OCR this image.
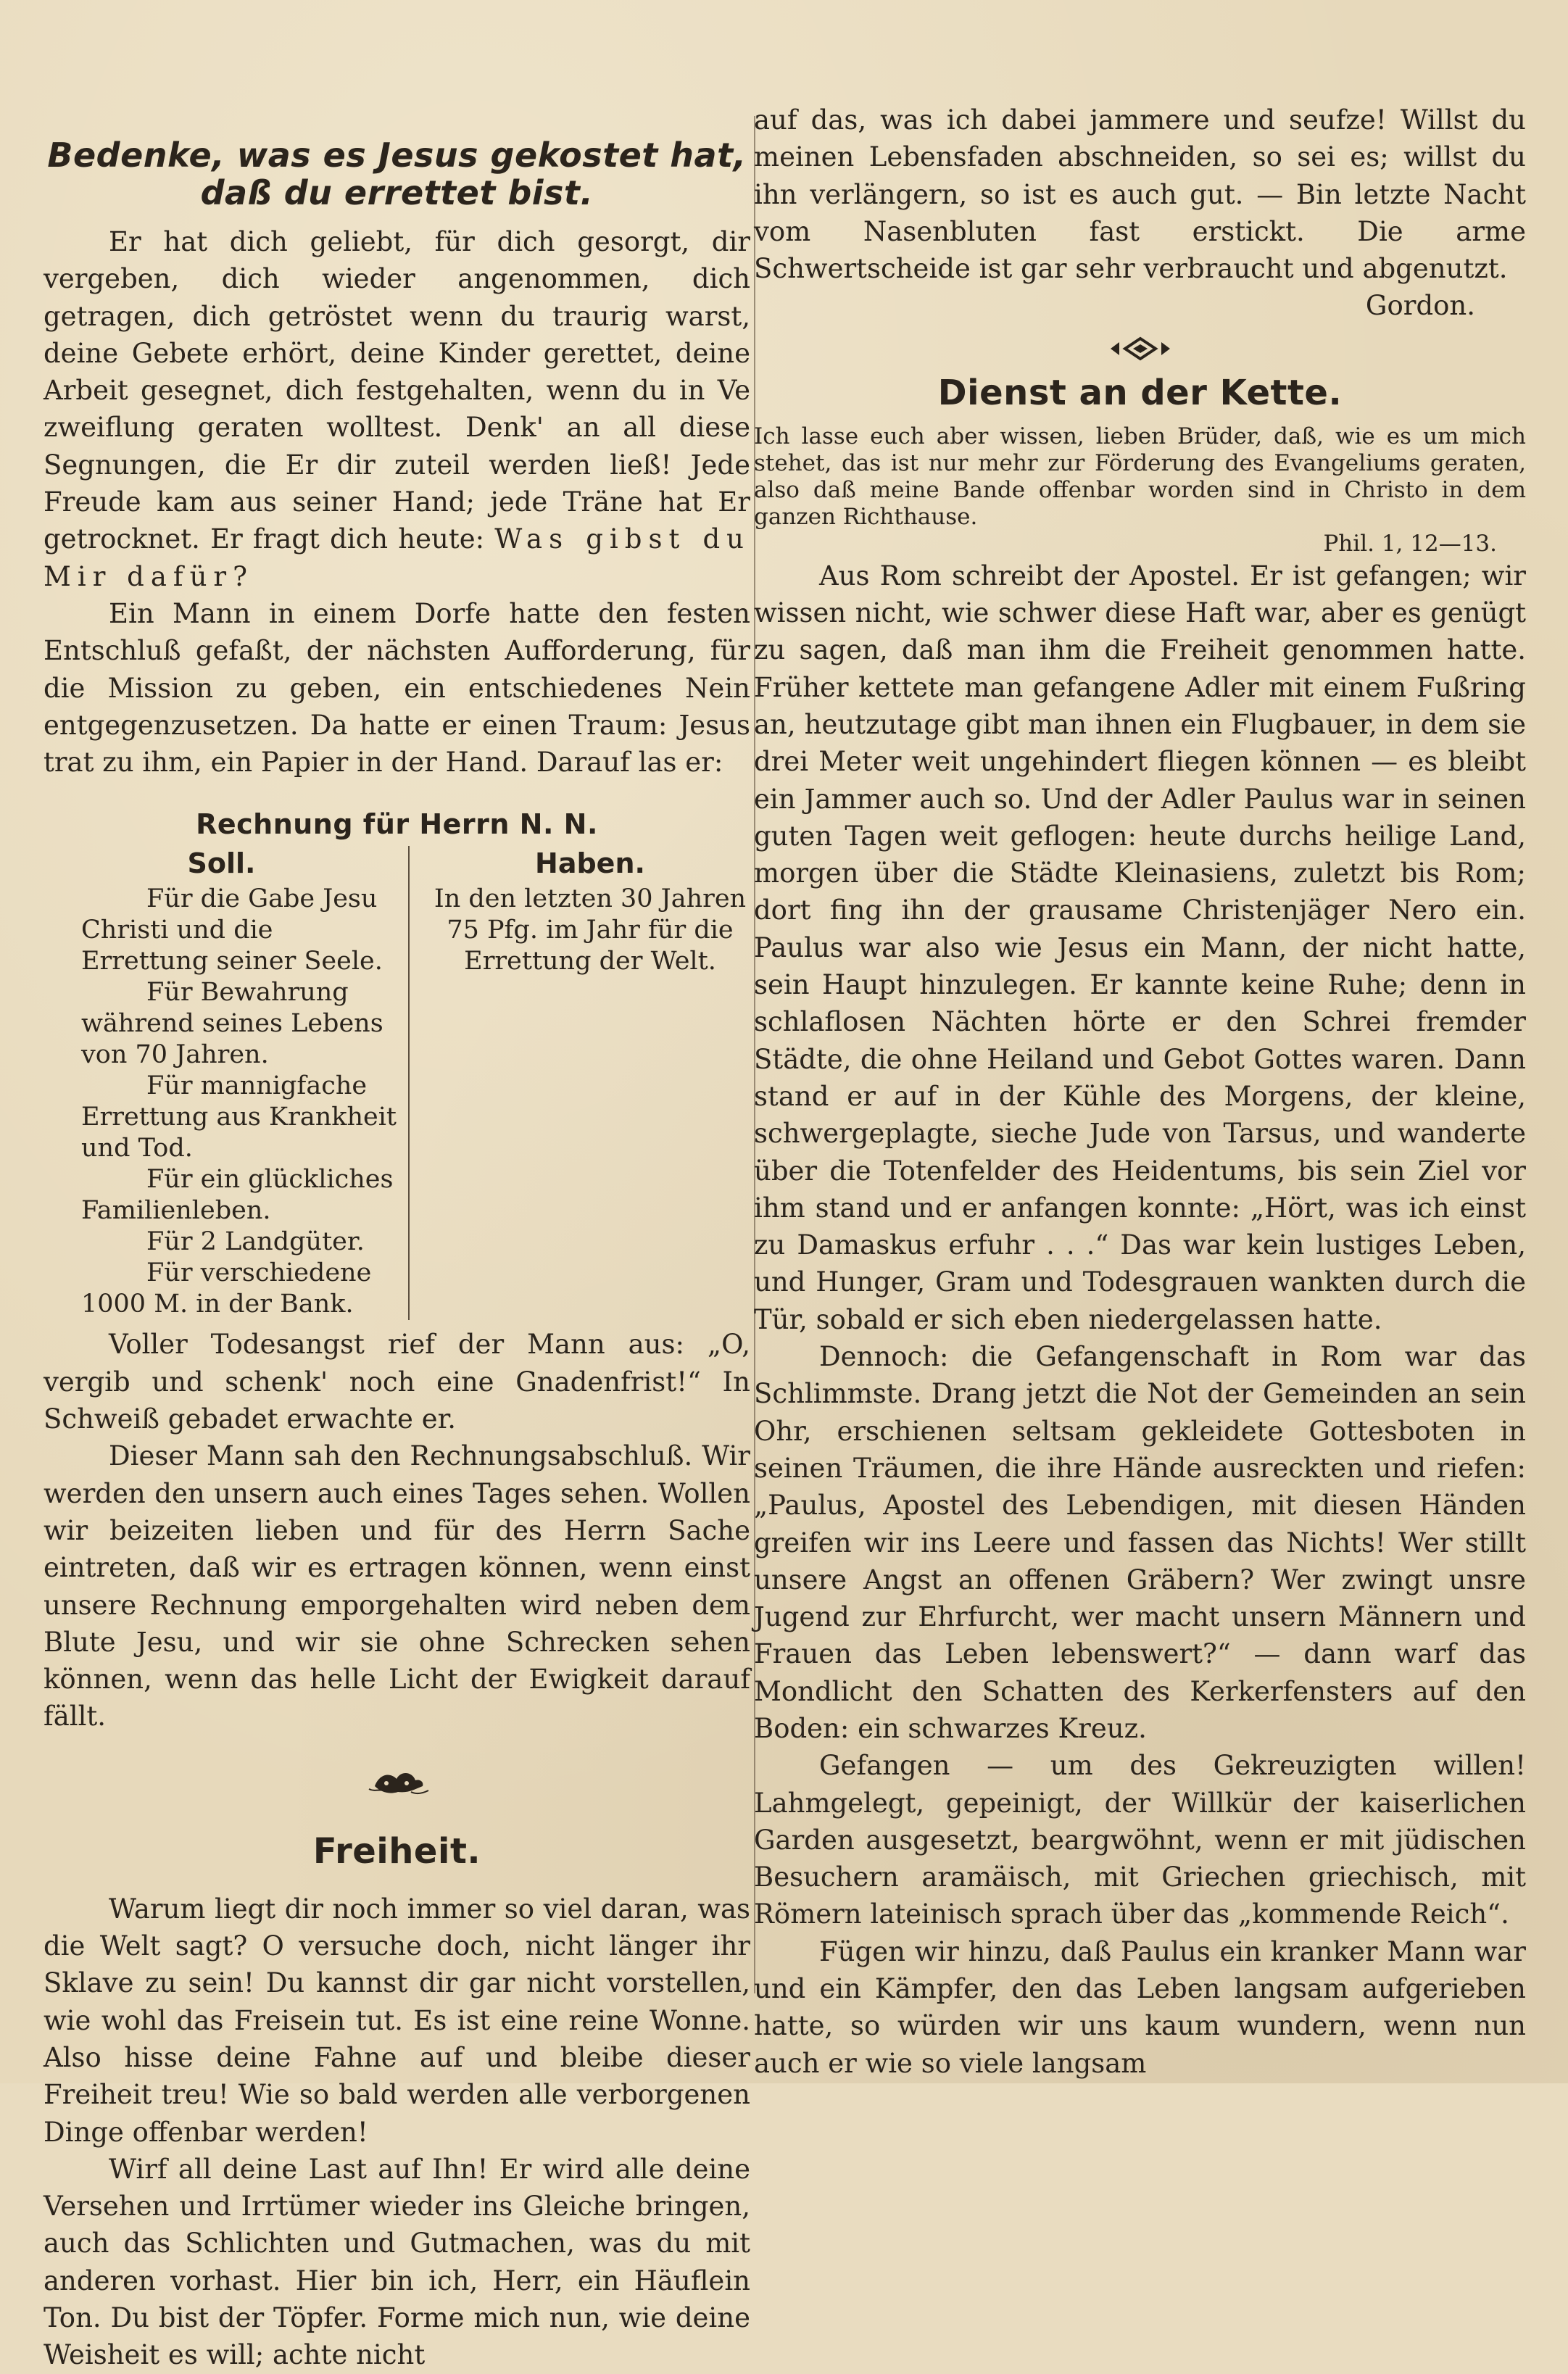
Bedenke, was es Jesus gekostet hat,
daß du errettet bist.

Er hat dich geliebt, für dich gesorgt, dir vergeben, dich wieder angenommen, dich getragen, dich getröstet wenn du traurig warst, deine Gebete erhört, deine Kinder gerettet, deine Arbeit gesegnet, dich festgehalten, wenn du in Ve zweiflung geraten wolltest. Denk' an all diese Segnungen, die Er dir zuteil werden ließ! Jede Freude kam aus seiner Hand; jede Träne hat Er getrocknet. Er fragt dich heute: Was gibst du Mir dafür?

Ein Mann in einem Dorfe hatte den festen Entschluß gefaßt, der nächsten Aufforderung, für die Mission zu geben, ein entschiedenes Nein entgegenzusetzen. Da hatte er einen Traum: Jesus trat zu ihm, ein Papier in der Hand. Darauf las er:

Rechnung für Herrn N. N.
Soll.

Für die Gabe Jesu Christi und die Errettung seiner Seele.

Für Bewahrung während seines Lebens von 70 Jahren.

Für mannigfache Errettung aus Krankheit und Tod.

Für ein glückliches Familienleben.

Für 2 Landgüter.

Für verschiedene 1000 M. in der Bank.

Haben.

In den letzten 30 Jahren 75 Pfg. im Jahr für die Errettung der Welt.

Voller Todesangst rief der Mann aus: „O, vergib und schenk' noch eine Gnadenfrist!“ In Schweiß gebadet erwachte er.

Dieser Mann sah den Rechnungsabschluß. Wir werden den unsern auch eines Tages sehen. Wollen wir beizeiten lieben und für des Herrn Sache eintreten, daß wir es ertragen können, wenn einst unsere Rechnung emporgehalten wird neben dem Blute Jesu, und wir sie ohne Schrecken sehen können, wenn das helle Licht der Ewigkeit darauf fällt.

Freiheit.

Warum liegt dir noch immer so viel daran, was die Welt sagt? O versuche doch, nicht länger ihr Sklave zu sein! Du kannst dir gar nicht vorstellen, wie wohl das Freisein tut. Es ist eine reine Wonne. Also hisse deine Fahne auf und bleibe dieser Freiheit treu! Wie so bald werden alle verborgenen Dinge offenbar werden!

Wirf all deine Last auf Ihn! Er wird alle deine Versehen und Irrtümer wieder ins Gleiche bringen, auch das Schlichten und Gutmachen, was du mit anderen vorhast. Hier bin ich, Herr, ein Häuflein Ton. Du bist der Töpfer. Forme mich nun, wie deine Weisheit es will; achte nicht

auf das, was ich dabei jammere und seufze! Willst du meinen Lebensfaden abschneiden, so sei es; willst du ihn verlängern, so ist es auch gut. — Bin letzte Nacht vom Nasenbluten fast erstickt. Die arme Schwertscheide ist gar sehr verbraucht und abgenutzt.

Gordon.

Dienst an der Kette.

Ich lasse euch aber wissen, lieben Brüder, daß, wie es um mich stehet, das ist nur mehr zur Förderung des Evangeliums geraten, also daß meine Bande offenbar worden sind in Christo in dem ganzen Richthause.
Phil. 1, 12—13.

Aus Rom schreibt der Apostel. Er ist gefangen; wir wissen nicht, wie schwer diese Haft war, aber es genügt zu sagen, daß man ihm die Freiheit genommen hatte. Früher kettete man gefangene Adler mit einem Fußring an, heutzutage gibt man ihnen ein Flugbauer, in dem sie drei Meter weit ungehindert fliegen können — es bleibt ein Jammer auch so. Und der Adler Paulus war in seinen guten Tagen weit geflogen: heute durchs heilige Land, morgen über die Städte Kleinasiens, zuletzt bis Rom; dort fing ihn der grausame Christenjäger Nero ein. Paulus war also wie Jesus ein Mann, der nicht hatte, sein Haupt hinzulegen. Er kannte keine Ruhe; denn in schlaflosen Nächten hörte er den Schrei fremder Städte, die ohne Heiland und Gebot Gottes waren. Dann stand er auf in der Kühle des Morgens, der kleine, schwergeplagte, sieche Jude von Tarsus, und wanderte über die Totenfelder des Heidentums, bis sein Ziel vor ihm stand und er anfangen konnte: „Hört, was ich einst zu Damaskus erfuhr . . .“ Das war kein lustiges Leben, und Hunger, Gram und Todesgrauen wankten durch die Tür, sobald er sich eben niedergelassen hatte.

Dennoch: die Gefangenschaft in Rom war das Schlimmste. Drang jetzt die Not der Gemeinden an sein Ohr, erschienen seltsam gekleidete Gottesboten in seinen Träumen, die ihre Hände ausreckten und riefen: „Paulus, Apostel des Lebendigen, mit diesen Händen greifen wir ins Leere und fassen das Nichts! Wer stillt unsere Angst an offenen Gräbern? Wer zwingt unsre Jugend zur Ehrfurcht, wer macht unsern Männern und Frauen das Leben lebenswert?“ — dann warf das Mondlicht den Schatten des Kerkerfensters auf den Boden: ein schwarzes Kreuz.

Gefangen — um des Gekreuzigten willen! Lahmgelegt, gepeinigt, der Willkür der kaiserlichen Garden ausgesetzt, beargwöhnt, wenn er mit jüdischen Besuchern aramäisch, mit Griechen griechisch, mit Römern lateinisch sprach über das „kommende Reich“.

Fügen wir hinzu, daß Paulus ein kranker Mann war und ein Kämpfer, den das Leben langsam aufgerieben hatte, so würden wir uns kaum wundern, wenn nun auch er wie so viele langsam
